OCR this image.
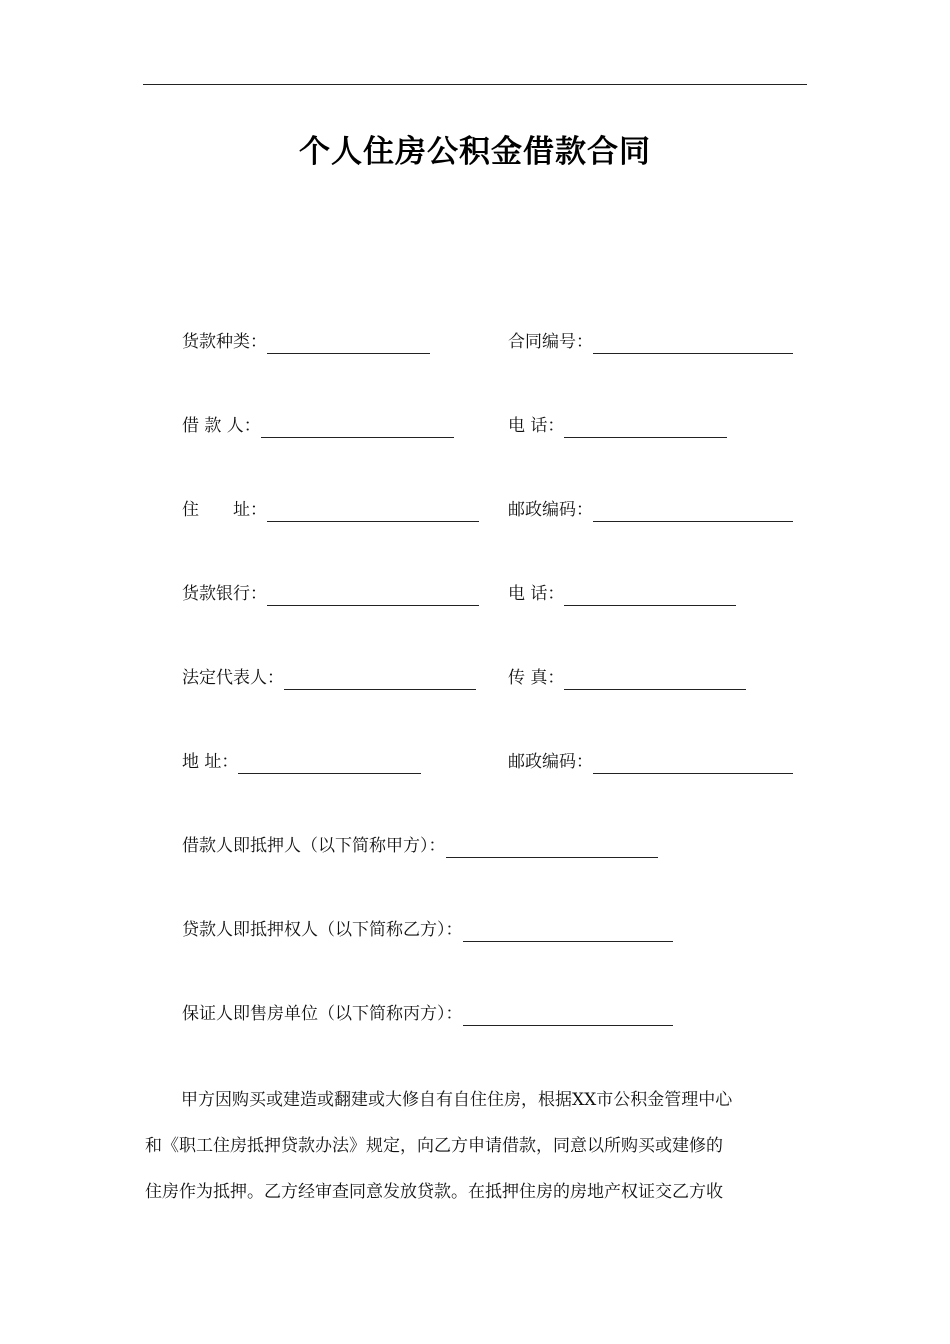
个人住房公积金借款合同
货款种类：	合同编号：
借 款 人：	电 话：
住　　址：	邮政编码：
货款银行：	电 话：
法定代表人：	传 真：
地 址：	邮政编码：
借款人即抵押人（以下简称甲方）：
贷款人即抵押权人（以下简称乙方）：
保证人即售房单位（以下简称丙方）：
甲方因购买或建造或翻建或大修自有自住住房，根据XX市公积金管理中心
和《职工住房抵押贷款办法》规定，向乙方申请借款，同意以所购买或建修的
住房作为抵押。乙方经审查同意发放贷款。在抵押住房的房地产权证交乙方收
